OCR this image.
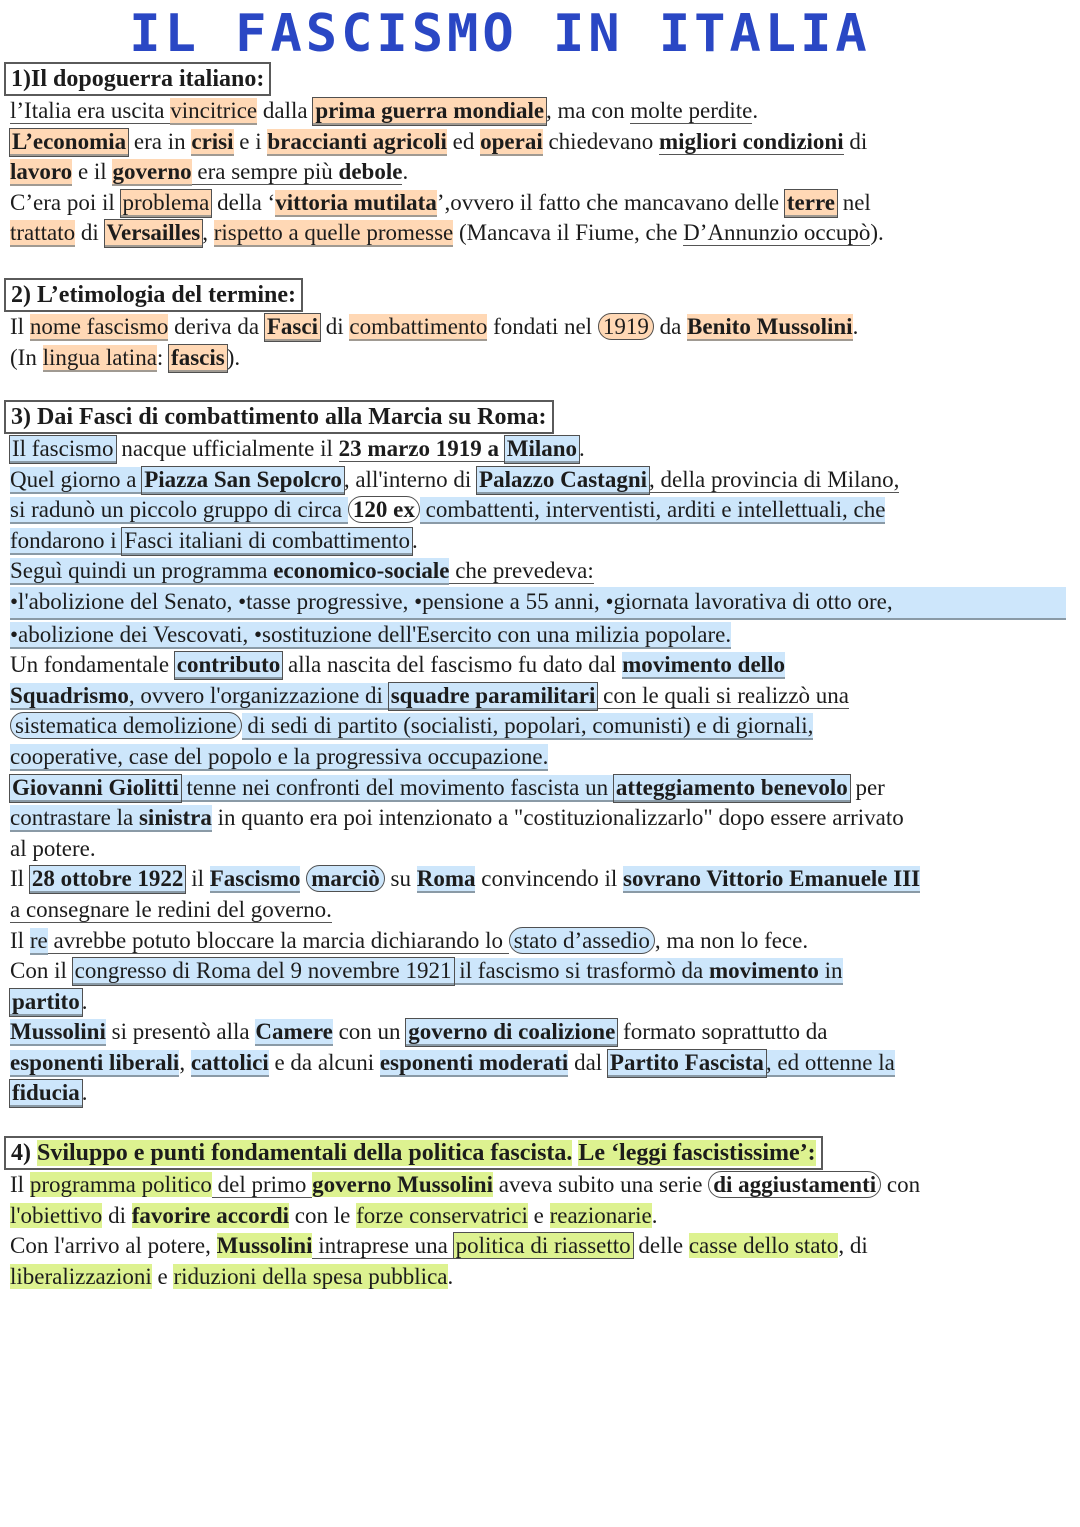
IL FASCISMO IN ITALIA
1)Il dopoguerra italiano:
l’Italia era uscita vincitrice dalla prima guerra mondiale, ma con molte perdite.
L’economia era in crisi e i braccianti agricoli ed operai chiedevano migliori condizioni di
lavoro e il governo era sempre più debole.
C’era poi il problema della ‘vittoria mutilata’,ovvero il fatto che mancavano delle terre nel
trattato di Versailles, rispetto a quelle promesse (Mancava il Fiume, che D’Annunzio occupò).
2) L’etimologia del termine:
Il nome fascismo deriva da Fasci di combattimento fondati nel 1919 da Benito Mussolini.
(In lingua latina: fascis).
3) Dai Fasci di combattimento alla Marcia su Roma:
Il fascismo nacque ufficialmente il 23 marzo 1919 a Milano.
Quel giorno a Piazza San Sepolcro, all'interno di Palazzo Castagni, della provincia di Milano,
si radunò un piccolo gruppo di circa 120 ex combattenti, interventisti, arditi e intellettuali, che
fondarono i Fasci italiani di combattimento.
Seguì quindi un programma economico-sociale che prevedeva:
•l'abolizione del Senato, •tasse progressive, •pensione a 55 anni, •giornata lavorativa di otto ore,
•abolizione dei Vescovati, •sostituzione dell'Esercito con una milizia popolare.
Un fondamentale contributo alla nascita del fascismo fu dato dal movimento dello
Squadrismo, ovvero l'organizzazione di squadre paramilitari con le quali si realizzò una
sistematica demolizione di sedi di partito (socialisti, popolari, comunisti) e di giornali,
cooperative, case del popolo e la progressiva occupazione.
Giovanni Giolitti tenne nei confronti del movimento fascista un atteggiamento benevolo per
contrastare la sinistra in quanto era poi intenzionato a "costituzionalizzarlo" dopo essere arrivato
al potere.
Il 28 ottobre 1922 il Fascismo marciò su Roma convincendo il sovrano Vittorio Emanuele III
a consegnare le redini del governo.
Il re avrebbe potuto bloccare la marcia dichiarando lo stato d’assedio , ma non lo fece.
Con il congresso di Roma del 9 novembre 1921 il fascismo si trasformò da movimento in
partito.
Mussolini si presentò alla Camere con un governo di coalizione formato soprattutto da
esponenti liberali, cattolici e da alcuni esponenti moderati dal Partito Fascista, ed ottenne la
fiducia.
4) Sviluppo e punti fondamentali della politica fascista. Le ‘leggi fascistissime’:
Il programma politico del primo governo Mussolini aveva subito una serie di aggiustamenti con
l'obiettivo di favorire accordi con le forze conservatrici e reazionarie.
Con l'arrivo al potere, Mussolini intraprese una politica di riassetto delle casse dello stato, di
liberalizzazioni e riduzioni della spesa pubblica.
